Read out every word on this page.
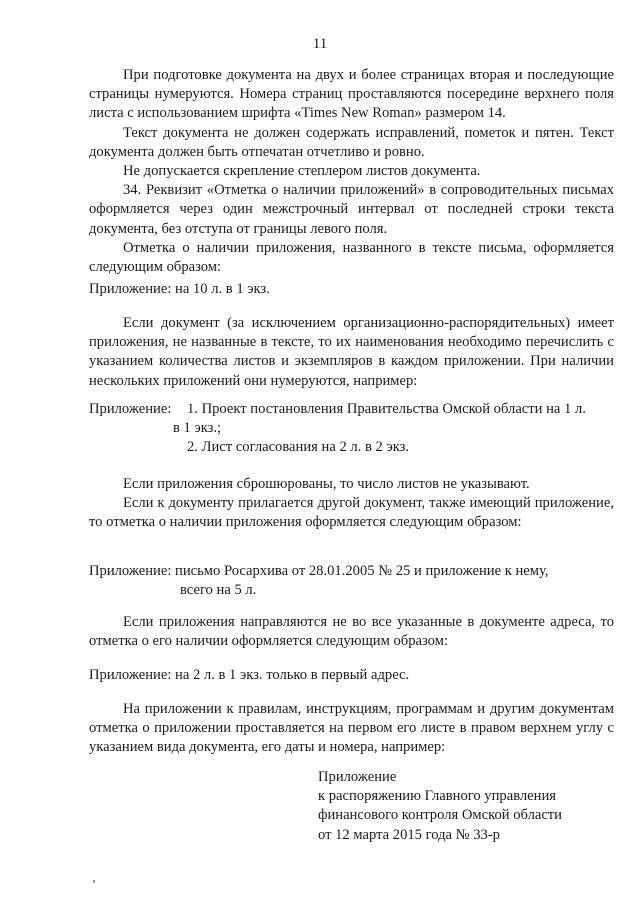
11

При подготовке документа на двух и более страницах вторая и последующие страницы нумеруются. Номера страниц проставляются посередине верхнего поля листа с использованием шрифта «Times New Roman» размером 14.

Текст документа не должен содержать исправлений, пометок и пятен. Текст документа должен быть отпечатан отчетливо и ровно.

Не допускается скрепление степлером листов документа.

34. Реквизит «Отметка о наличии приложений» в сопроводительных письмах оформляется через один межстрочный интервал от последней строки текста документа, без отступа от границы левого поля.

Отметка о наличии приложения, названного в тексте письма, оформляется следующим образом:

Приложение: на 10 л. в 1 экз.

Если документ (за исключением организационно-распорядительных) имеет приложения, не названные в тексте, то их наименования необходимо перечислить с указанием количества листов и экземпляров в каждом приложении. При наличии нескольких приложений они нумеруются, например:

Приложение: 1. Проект постановления Правительства Омской области на 1 л.
в 1 экз.;
2. Лист согласования на 2 л. в 2 экз.

Если приложения сброшюрованы, то число листов не указывают.

Если к документу прилагается другой документ, также имеющий приложение, то отметка о наличии приложения оформляется следующим образом:

Приложение: письмо Росархива от 28.01.2005 № 25 и приложение к нему,
всего на 5 л.

Если приложения направляются не во все указанные в документе адреса, то отметка о его наличии оформляется следующим образом:

Приложение: на 2 л. в 1 экз. только в первый адрес.

На приложении к правилам, инструкциям, программам и другим документам отметка о приложении проставляется на первом его листе в правом верхнем углу с указанием вида документа, его даты и номера, например:

Приложение
к распоряжению Главного управления
финансового контроля Омской области
от 12 марта 2015 года № 33-р
